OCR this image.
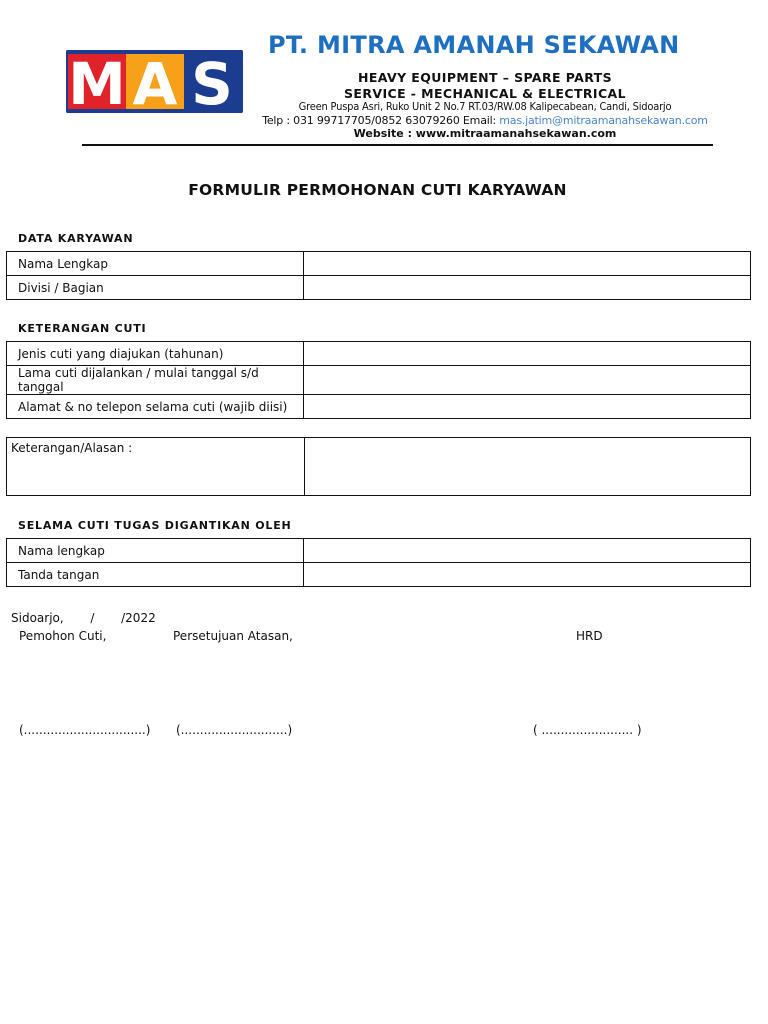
M A S
PT. MITRA AMANAH SEKAWAN
HEAVY EQUIPMENT – SPARE PARTS
SERVICE - MECHANICAL & ELECTRICAL
Green Puspa Asri, Ruko Unit 2 No.7 RT.03/RW.08 Kalipecabean, Candi, Sidoarjo
Telp : 031 99717705/0852 63079260 Email: mas.jatim@mitraamanahsekawan.com
Website : www.mitraamanahsekawan.com
FORMULIR PERMOHONAN CUTI KARYAWAN
DATA KARYAWAN
Nama Lengkap	
Divisi / Bagian	
KETERANGAN CUTI
Jenis cuti yang diajukan (tahunan)	
Lama cuti dijalankan / mulai tanggal s/d tanggal	
Alamat & no telepon selama cuti (wajib diisi)	
Keterangan/Alasan :
SELAMA CUTI TUGAS DIGANTIKAN OLEH
Nama lengkap	
Tanda tangan	
Sidoarjo,       /       /2022
Pemohon Cuti,	Persetujuan Atasan,	HRD
(................................) (............................)	( ........................ )
